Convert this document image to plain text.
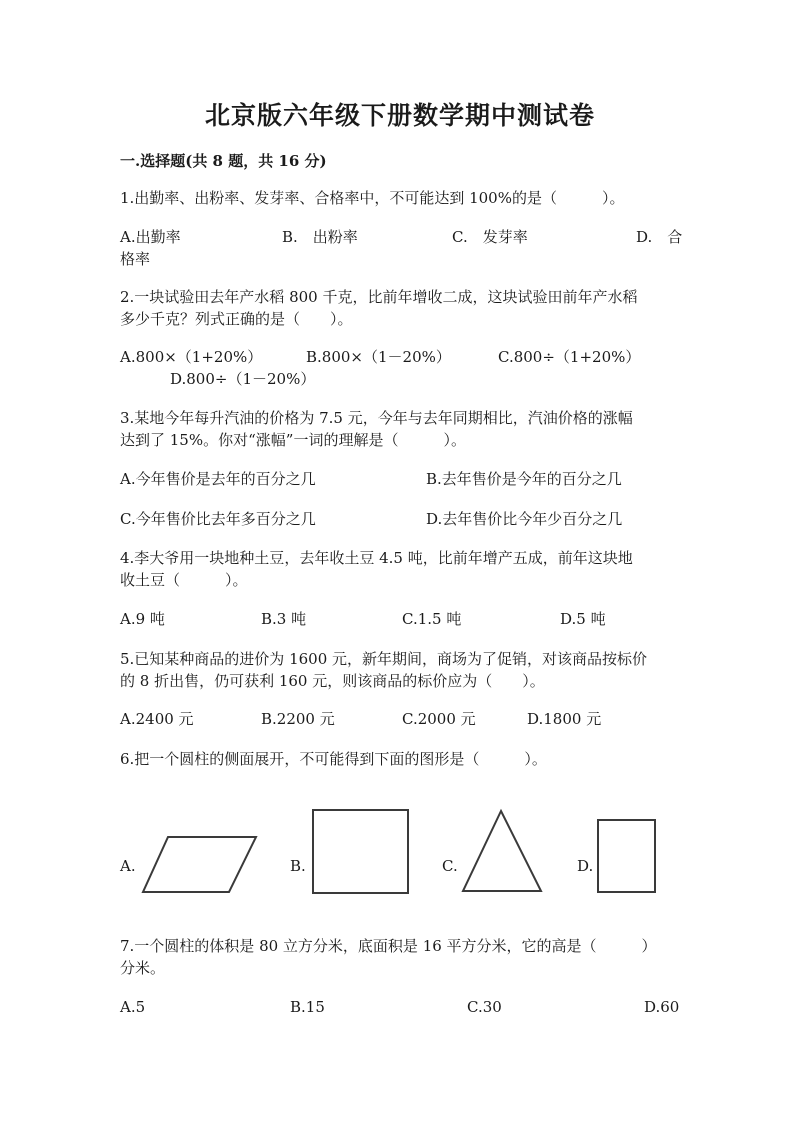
北京版六年级下册数学期中测试卷
一.选择题(共 8 题，共 16 分)
1.出勤率、出粉率、发芽率、合格率中，不可能达到 100%的是（　　　）。
A.出勤率	B.　出粉率	C.　发芽率	D.　合
格率
2.一块试验田去年产水稻 800 千克，比前年增收二成，这块试验田前年产水稻
多少千克？列式正确的是（　　）。
A.800×（1+20%）	B.800×（1－20%）	C.800÷（1+20%）
D.800÷（1－20%）
3.某地今年每升汽油的价格为 7.5 元，今年与去年同期相比，汽油价格的涨幅
达到了 15%。你对“涨幅”一词的理解是（　　　）。
A.今年售价是去年的百分之几	B.去年售价是今年的百分之几
C.今年售价比去年多百分之几	D.去年售价比今年少百分之几
4.李大爷用一块地种土豆，去年收土豆 4.5 吨，比前年增产五成，前年这块地
收土豆（　　　）。
A.9 吨	B.3 吨	C.1.5 吨	D.5 吨
5.已知某种商品的进价为 1600 元，新年期间，商场为了促销，对该商品按标价
的 8 折出售，仍可获利 160 元，则该商品的标价应为（　　）。
A.2400 元	B.2200 元	C.2000 元	D.1800 元
6.把一个圆柱的侧面展开，不可能得到下面的图形是（　　　）。
A.	B.	C.	D.
7.一个圆柱的体积是 80 立方分米，底面积是 16 平方分米，它的高是（　　　）
分米。
A.5	B.15	C.30	D.60
